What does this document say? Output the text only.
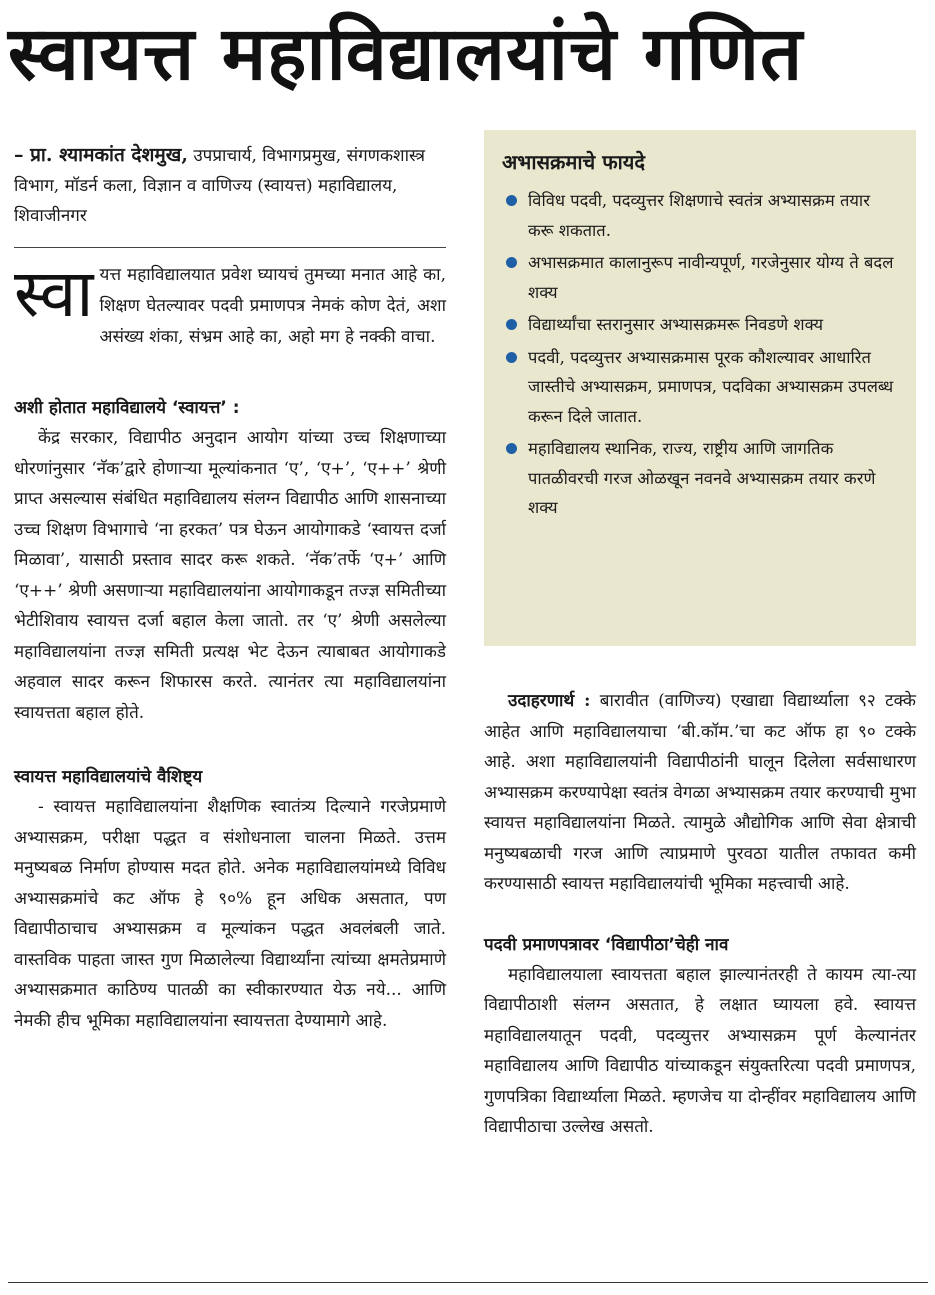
स्वायत्त महाविद्यालयांचे गणित

– प्रा. श्यामकांत देशमुख, उपप्राचार्य, विभागप्रमुख, संगणकशास्त्र विभाग, मॉडर्न कला, विज्ञान व वाणिज्य (स्वायत्त) महाविद्यालय, शिवाजीनगर

स्वा यत्त महाविद्यालयात प्रवेश घ्यायचं तुमच्या मनात आहे का, शिक्षण घेतल्यावर पदवी प्रमाणपत्र नेमकं कोण देतं, अशा असंख्य शंका, संभ्रम आहे का, अहो मग हे नक्की वाचा.

अशी होतात महाविद्यालये ‘स्वायत्त’ :

केंद्र सरकार, विद्यापीठ अनुदान आयोग यांच्या उच्च शिक्षणाच्या धोरणांनुसार ‘नॅक’द्वारे होणाऱ्या मूल्यांकनात ‘ए’, ‘ए+’, ‘ए++’ श्रेणी प्राप्त असल्यास संबंधित महाविद्यालय संलग्न विद्यापीठ आणि शासनाच्या उच्च शिक्षण विभागाचे ‘ना हरकत’ पत्र घेऊन आयोगाकडे ‘स्वायत्त दर्जा मिळावा’, यासाठी प्रस्ताव सादर करू शकते. ‘नॅक’तर्फे ‘ए+’ आणि ‘ए++’ श्रेणी असणाऱ्या महाविद्यालयांना आयोगाकडून तज्ज्ञ समितीच्या भेटीशिवाय स्वायत्त दर्जा बहाल केला जातो. तर ‘ए’ श्रेणी असलेल्या महाविद्यालयांना तज्ज्ञ समिती प्रत्यक्ष भेट देऊन त्याबाबत आयोगाकडे अहवाल सादर करून शिफारस करते. त्यानंतर त्या महाविद्यालयांना स्वायत्तता बहाल होते.

स्वायत्त महाविद्यालयांचे वैशिष्ट्य

- स्वायत्त महाविद्यालयांना शैक्षणिक स्वातंत्र्य दिल्याने गरजेप्रमाणे अभ्यासक्रम, परीक्षा पद्धत व संशोधनाला चालना मिळते. उत्तम मनुष्यबळ निर्माण होण्यास मदत होते. अनेक महाविद्यालयांमध्ये विविध अभ्यासक्रमांचे कट ऑफ हे ९०% हून अधिक असतात, पण विद्यापीठाचाच अभ्यासक्रम व मूल्यांकन पद्धत अवलंबली जाते. वास्तविक पाहता जास्त गुण मिळालेल्या विद्यार्थ्यांना त्यांच्या क्षमतेप्रमाणे अभ्यासक्रमात काठिण्य पातळी का स्वीकारण्यात येऊ नये... आणि नेमकी हीच भूमिका महाविद्यालयांना स्वायत्तता देण्यामागे आहे.

अभासक्रमाचे फायदे

विविध पदवी, पदव्युत्तर शिक्षणाचे स्वतंत्र अभ्यासक्रम तयार करू शकतात.
अभासक्रमात कालानुरूप नावीन्यपूर्ण, गरजेनुसार योग्य ते बदल शक्य
विद्यार्थ्यांचा स्तरानुसार अभ्यासक्रमरू निवडणे शक्य
पदवी, पदव्युत्तर अभ्यासक्रमास पूरक कौशल्यावर आधारित जास्तीचे अभ्यासक्रम, प्रमाणपत्र, पदविका अभ्यासक्रम उपलब्ध करून दिले जातात.
महाविद्यालय स्थानिक, राज्य, राष्ट्रीय आणि जागतिक पातळीवरची गरज ओळखून नवनवे अभ्यासक्रम तयार करणे शक्य

उदाहरणार्थ : बारावीत (वाणिज्य) एखाद्या विद्यार्थ्याला ९२ टक्के आहेत आणि महाविद्यालयाचा ‘बी.कॉम.’चा कट ऑफ हा ९० टक्के आहे. अशा महाविद्यालयांनी विद्यापीठांनी घालून दिलेला सर्वसाधारण अभ्यासक्रम करण्यापेक्षा स्वतंत्र वेगळा अभ्यासक्रम तयार करण्याची मुभा स्वायत्त महाविद्यालयांना मिळते. त्यामुळे औद्योगिक आणि सेवा क्षेत्राची मनुष्यबळाची गरज आणि त्याप्रमाणे पुरवठा यातील तफावत कमी करण्यासाठी स्वायत्त महाविद्यालयांची भूमिका महत्त्वाची आहे.

पदवी प्रमाणपत्रावर ‘विद्यापीठा’चेही नाव

महाविद्यालयाला स्वायत्तता बहाल झाल्यानंतरही ते कायम त्या-त्या विद्यापीठाशी संलग्न असतात, हे लक्षात घ्यायला हवे. स्वायत्त महाविद्यालयातून पदवी, पदव्युत्तर अभ्यासक्रम पूर्ण केल्यानंतर महाविद्यालय आणि विद्यापीठ यांच्याकडून संयुक्तरित्या पदवी प्रमाणपत्र, गुणपत्रिका विद्यार्थ्याला मिळते. म्हणजेच या दोन्हींवर महाविद्यालय आणि विद्यापीठाचा उल्लेख असतो.
